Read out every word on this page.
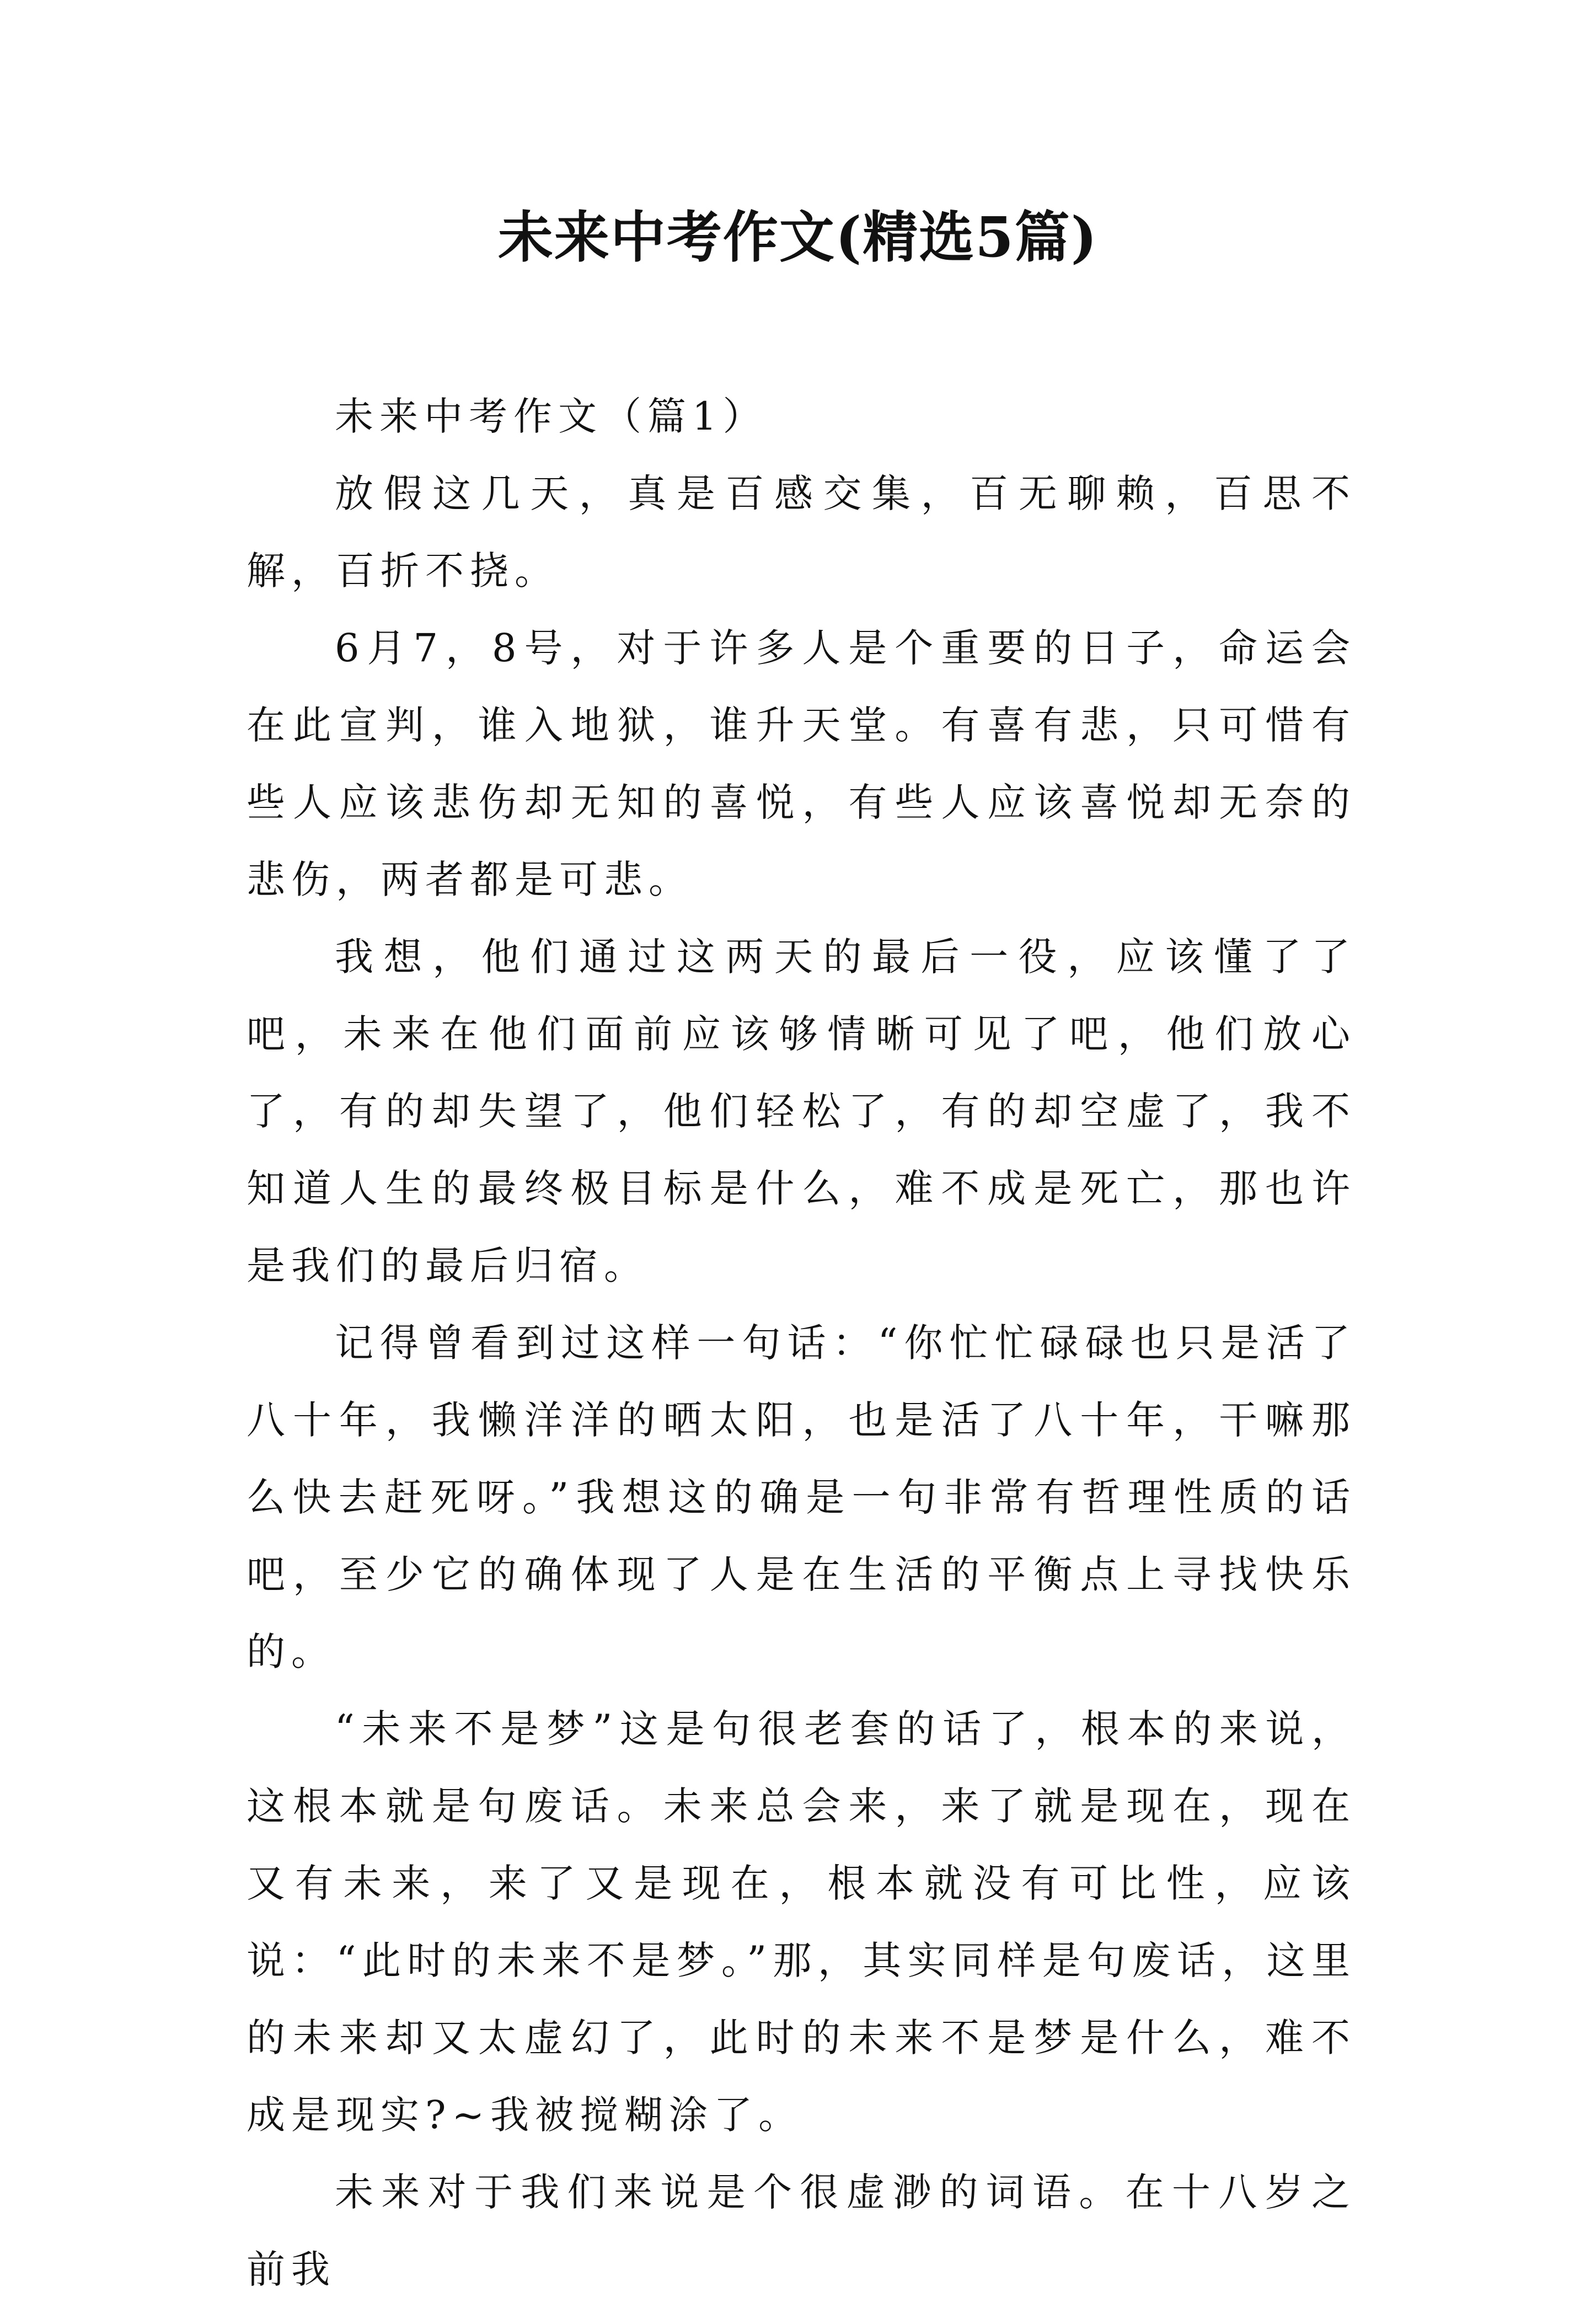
未来中考作文(精选5篇)

未来中考作文（篇1）

放假这几天，真是百感交集，百无聊赖，百思不解，百折不挠。

6月7，8号，对于许多人是个重要的日子，命运会在此宣判，谁入地狱，谁升天堂。有喜有悲，只可惜有些人应该悲伤却无知的喜悦，有些人应该喜悦却无奈的悲伤，两者都是可悲。

我想，他们通过这两天的最后一役，应该懂了了吧，未来在他们面前应该够情晰可见了吧，他们放心了，有的却失望了，他们轻松了，有的却空虚了，我不知道人生的最终极目标是什么，难不成是死亡，那也许是我们的最后归宿。

记得曾看到过这样一句话：“你忙忙碌碌也只是活了八十年，我懒洋洋的晒太阳，也是活了八十年，干嘛那么快去赶死呀。”我想这的确是一句非常有哲理性质的话吧，至少它的确体现了人是在生活的平衡点上寻找快乐的。

“未来不是梦”这是句很老套的话了，根本的来说，这根本就是句废话。未来总会来，来了就是现在，现在又有未来，来了又是现在，根本就没有可比性，应该说：“此时的未来不是梦。”那，其实同样是句废话，这里的未来却又太虚幻了，此时的未来不是梦是什么，难不成是现实?~我被搅糊涂了。

未来对于我们来说是个很虚渺的词语。在十八岁之前我
